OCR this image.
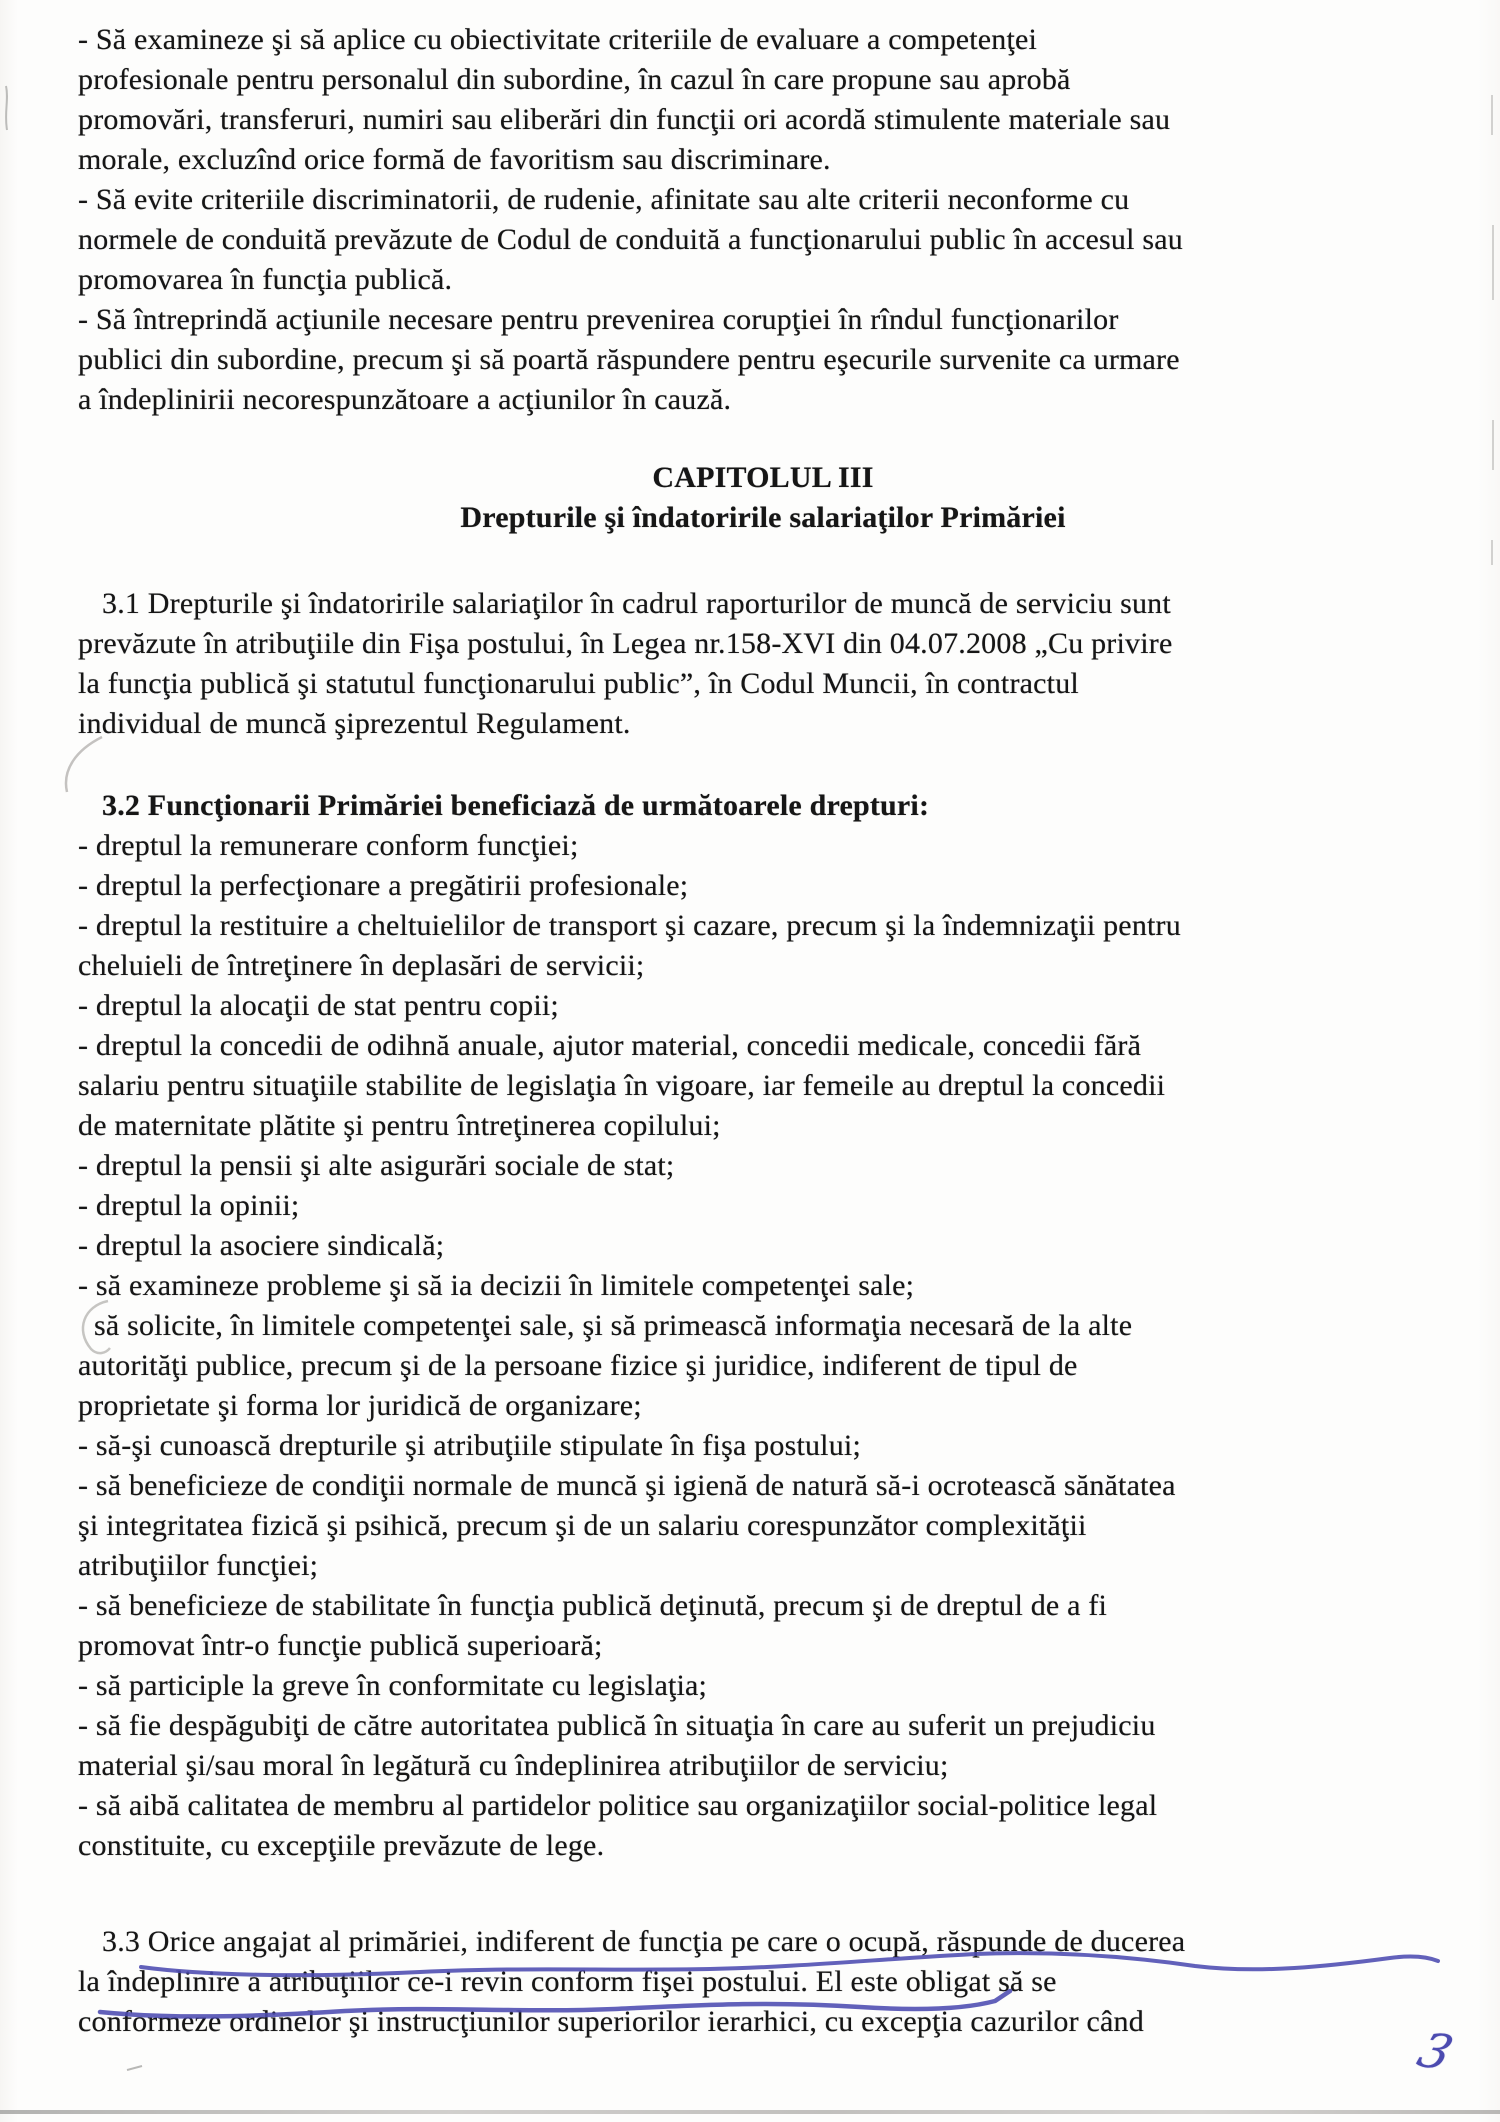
- Să examineze şi să aplice cu obiectivitate criteriile de evaluare a competenţei
profesionale pentru personalul din subordine, în cazul în care propune sau aprobă
promovări, transferuri, numiri sau eliberări din funcţii ori acordă stimulente materiale sau
morale, excluzînd orice formă de favoritism sau discriminare.
- Să evite criteriile discriminatorii, de rudenie, afinitate sau alte criterii neconforme cu
normele de conduită prevăzute de Codul de conduită a funcţionarului public în accesul sau
promovarea în funcţia publică.
- Să întreprindă acţiunile necesare pentru prevenirea corupţiei în rîndul funcţionarilor
publici din subordine, precum şi să poartă răspundere pentru eşecurile survenite ca urmare
a îndeplinirii necorespunzătoare a acţiunilor în cauză.
CAPITOLUL III
Drepturile şi îndatoririle salariaţilor Primăriei
3.1 Drepturile şi îndatoririle salariaţilor în cadrul raporturilor de muncă de serviciu sunt
prevăzute în atribuţiile din Fişa postului, în Legea nr.158-XVI din 04.07.2008 „Cu privire
la funcţia publică şi statutul funcţionarului public”, în Codul Muncii, în contractul
individual de muncă şiprezentul Regulament.
3.2 Funcţionarii Primăriei beneficiază de următoarele drepturi:
- dreptul la remunerare conform funcţiei;
- dreptul la perfecţionare a pregătirii profesionale;
- dreptul la restituire a cheltuielilor de transport şi cazare, precum şi la îndemnizaţii pentru
cheluieli de întreţinere în deplasări de servicii;
- dreptul la alocaţii de stat pentru copii;
- dreptul la concedii de odihnă anuale, ajutor material, concedii medicale, concedii fără
salariu pentru situaţiile stabilite de legislaţia în vigoare, iar femeile au dreptul la concedii
de maternitate plătite şi pentru întreţinerea copilului;
- dreptul la pensii şi alte asigurări sociale de stat;
- dreptul la opinii;
- dreptul la asociere sindicală;
- să examineze probleme şi să ia decizii în limitele competenţei sale;
să solicite, în limitele competenţei sale, şi să primească informaţia necesară de la alte
autorităţi publice, precum şi de la persoane fizice şi juridice, indiferent de tipul de
proprietate şi forma lor juridică de organizare;
- să-şi cunoască drepturile şi atribuţiile stipulate în fişa postului;
- să beneficieze de condiţii normale de muncă şi igienă de natură să-i ocrotească sănătatea
şi integritatea fizică şi psihică, precum şi de un salariu corespunzător complexităţii
atribuţiilor funcţiei;
- să beneficieze de stabilitate în funcţia publică deţinută, precum şi de dreptul de a fi
promovat într-o funcţie publică superioară;
- să participle la greve în conformitate cu legislaţia;
- să fie despăgubiţi de către autoritatea publică în situaţia în care au suferit un prejudiciu
material şi/sau moral în legătură cu îndeplinirea atribuţiilor de serviciu;
- să aibă calitatea de membru al partidelor politice sau organizaţiilor social-politice legal
constituite, cu excepţiile prevăzute de lege.
3.3 Orice angajat al primăriei, indiferent de funcţia pe care o ocupă, răspunde de ducerea
la îndeplinire a atribuţiilor ce-i revin conform fişei postului. El este obligat să se
conformeze ordinelor şi instrucţiunilor superiorilor ierarhici, cu excepţia cazurilor când
3
